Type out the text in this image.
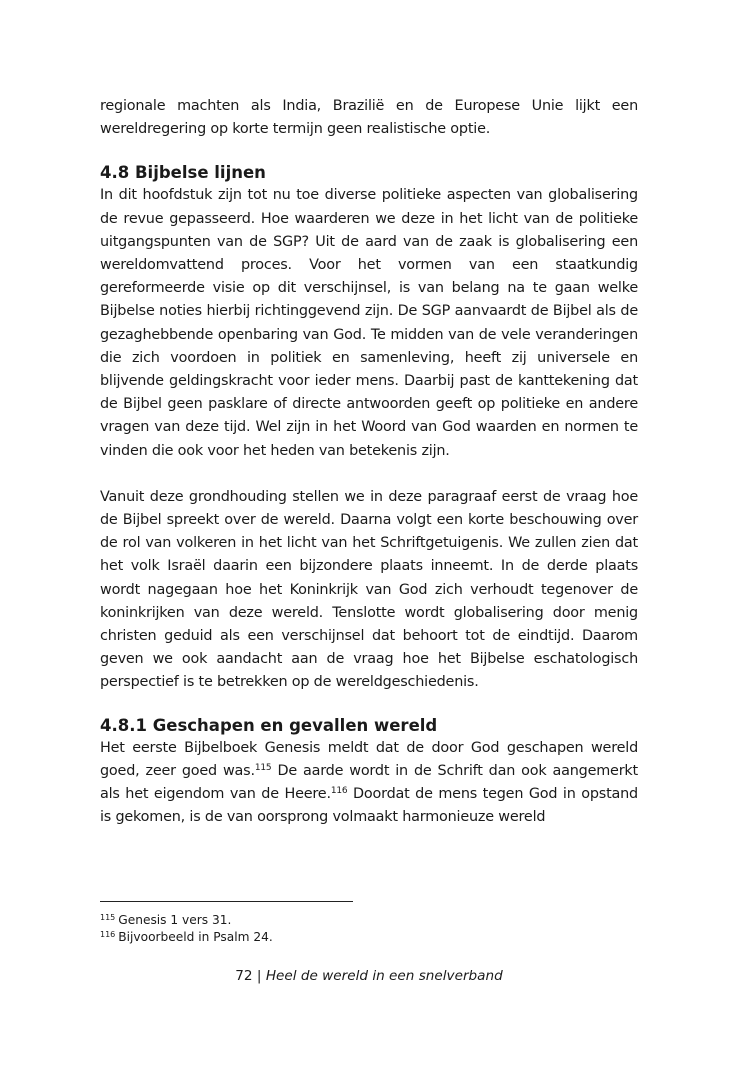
regionale machten als India, Brazilië en de Europese Unie lijkt een wereldregering op korte termijn geen realistische optie.

4.8 Bijbelse lijnen

In dit hoofdstuk zijn tot nu toe diverse politieke aspecten van globalisering de revue gepasseerd. Hoe waarderen we deze in het licht van de politieke uitgangspunten van de SGP? Uit de aard van de zaak is globalisering een wereldomvattend proces. Voor het vormen van een staatkundig gereformeerde visie op dit verschijnsel, is van belang na te gaan welke Bijbelse noties hierbij richtinggevend zijn. De SGP aanvaardt de Bijbel als de gezaghebbende openbaring van God. Te midden van de vele veranderingen die zich voordoen in politiek en samenleving, heeft zij universele en blijvende geldingskracht voor ieder mens. Daarbij past de kanttekening dat de Bijbel geen pasklare of directe antwoorden geeft op politieke en andere vragen van deze tijd. Wel zijn in het Woord van God waarden en normen te vinden die ook voor het heden van betekenis zijn.

Vanuit deze grondhouding stellen we in deze paragraaf eerst de vraag hoe de Bijbel spreekt over de wereld. Daarna volgt een korte beschouwing over de rol van volkeren in het licht van het Schriftgetuigenis. We zullen zien dat het volk Israël daarin een bijzondere plaats inneemt. In de derde plaats wordt nagegaan hoe het Koninkrijk van God zich verhoudt tegenover de koninkrijken van deze wereld. Tenslotte wordt globalisering door menig christen geduid als een verschijnsel dat behoort tot de eindtijd. Daarom geven we ook aandacht aan de vraag hoe het Bijbelse eschatologisch perspectief is te betrekken op de wereldgeschiedenis.

4.8.1 Geschapen en gevallen wereld

Het eerste Bijbelboek Genesis meldt dat de door God geschapen wereld goed, zeer goed was.$^{115}$ De aarde wordt in de Schrift dan ook aangemerkt als het eigendom van de Heere.$^{116}$ Doordat de mens tegen God in opstand is gekomen, is de van oorsprong volmaakt harmonieuze wereld

$^{115}$ Genesis 1 vers 31.
$^{116}$ Bijvoorbeeld in Psalm 24.
72 | Heel de wereld in een snelverband
